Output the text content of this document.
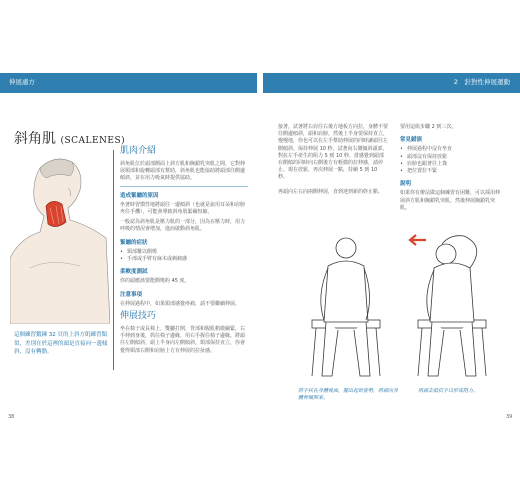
伸展處方	2　針對性伸展運動
斜角肌 (SCALENES)
這個練習鍛鍊 32 頁的上斜方肌練習類似，差別在於這裡的頭是直接向一邊傾斜，沒有轉動。
肌肉介紹

斜角肌位於頭部側面上斜方肌和胸鎖乳突肌之間，它對伸展頸部和旋轉頭部有幫助，斜角肌也能協助將頭部往側邊傾斜，並在用力吸氣時提供協助。

造成緊繃的原因

坐著時習慣性地將頭往一邊傾斜（也就是說用耳朵和肩膀夾住手機），可能會導致斜角肌緊繃短縮。

一般認為斜角肌是壓力肌的一部分，因為在壓力時，用力呼吸的情況會增加，進而啟動斜角肌。

緊繃的症狀
• 頸部難以側彎
• 手部或手臂有麻木或刺痛感
柔軟度測試

你的頭應該要能側彎約 45 度。

注意事項

在伸展過程中，如果頸部感覺疼痛，請不要繼續伸展。

伸展技巧

坐在椅子或長椅上，雙腳打開，背部和腹肌稍微繃緊，右手伸到身後，抓住椅子邊緣，用右手握住椅子邊緣。將頭往左側傾斜，頭上半身向左側傾斜，頸部保持直立，你會覺得頸部右側和肩膀上方有伸展的拉扯感。

38
接著，試著將右肩往右後方地板方向拉，身體不要往側邊傾斜，頭和肩膀，然後上半身要保持直立，慢慢地，你也可以在左手幫助伸展的同時讓頭往左側傾斜。保持伸展 10 秒，試著向右側傾斜頭部，對抗左手產生的阻力 5 到 10 秒。當感覺到頭部在側傾的同時向右側後方有輕微的拉伸感，請停止。現在放鬆，再次伸展一點，持續 5 到 10 秒。

再頭向左右向兩側伸展，直到達到新的終止點。

要用這組步驟 2 到三次。

常見錯誤
• 伸展過程中沒有坐直
• 頭部沒有保持放鬆
• 肩膀也跟著往上聳
• 把位置拉不緊
說明

如果你有辦法做這個練習有困難，可以採用伸展斜方肌和胸鎖乳突肌，然後伸展胸鎖乳突肌。

將手扶在身體後面，擺出起始姿勢，將頭向身體伸展開來。
用頭去抵抗手以形成阻力。
39
